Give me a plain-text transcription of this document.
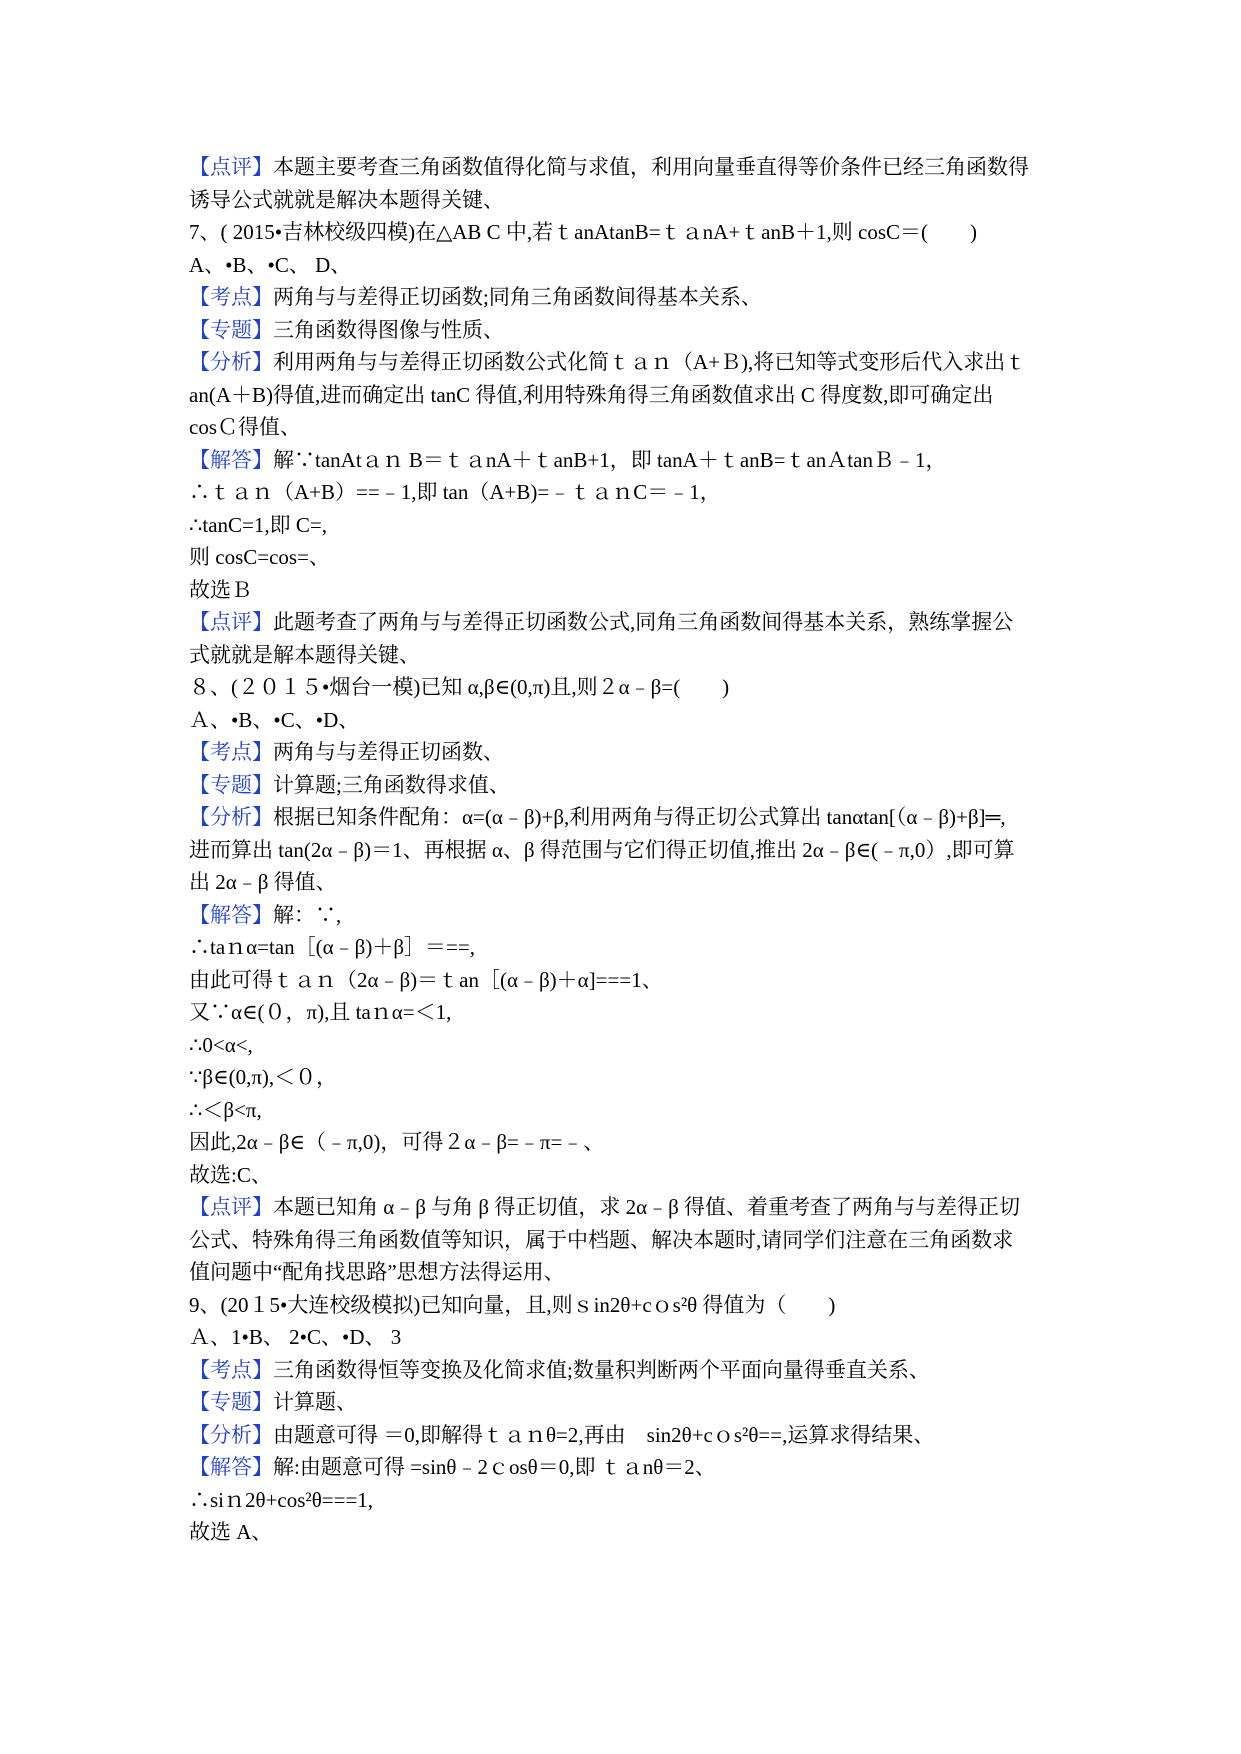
【点评】本题主要考查三角函数值得化简与求值，利用向量垂直得等价条件已经三角函数得
诱导公式就就是解决本题得关键、
7、( 2015•吉林校级四模)在△AB C 中,若ｔanAtanB=ｔａnA+ｔanB＋1,则 cosC＝(　　)
A、•B、•C、 D、
【考点】两角与与差得正切函数;同角三角函数间得基本关系、
【专题】三角函数得图像与性质、
【分析】利用两角与与差得正切函数公式化简ｔａｎ（A+Ｂ),将已知等式变形后代入求出ｔ
an(A＋B)得值,进而确定出 tanC 得值,利用特殊角得三角函数值求出 C 得度数,即可确定出
cosＣ得值、
【解答】解∵tanAtａｎ B＝ｔａnA＋ｔanB+1，即 tanA＋ｔanB=ｔanＡtanＢ﹣1，
∴ｔａｎ（A+B）==﹣1,即 tan（A+B)=﹣ｔａｎC＝﹣1，
∴tanC=1,即 C=,
则 cosC=cos=、
故选Ｂ
【点评】此题考查了两角与与差得正切函数公式,同角三角函数间得基本关系，熟练掌握公
式就就是解本题得关键、
８、(２０１５•烟台一模)已知 α,β∈(0,π)且,则２α﹣β=(　　)
Ａ、•B、•C、•D、
【考点】两角与与差得正切函数、
【专题】计算题;三角函数得求值、
【分析】根据已知条件配角：α=(α﹣β)+β,利用两角与得正切公式算出 tanαtan[（α﹣β)+β]═,
进而算出 tan(2α﹣β)＝1、再根据 α、β 得范围与它们得正切值,推出 2α﹣β∈(﹣π,0）,即可算
出 2α﹣β 得值、
【解答】解：∵,
∴taｎα=tan［(α﹣β)＋β］＝==,
由此可得ｔａｎ（2α﹣β)＝ｔan［(α﹣β)＋α]===1、
又∵α∈(０，π),且 taｎα=＜1,
∴0<α<,
∵β∈(0,π),＜０，
∴＜β<π,
因此,2α﹣β∈（﹣π,0)，可得２α﹣β=﹣π=﹣、
故选:C、
【点评】本题已知角 α﹣β 与角 β 得正切值，求 2α﹣β 得值、着重考查了两角与与差得正切
公式、特殊角得三角函数值等知识，属于中档题、解决本题时,请同学们注意在三角函数求
值问题中“配角找思路”思想方法得运用、
9、(20１5•大连校级模拟)已知向量，且,则ｓin2θ+cｏs²θ 得值为（　　)
Ａ、1•B、 2•C、•D、 3
【考点】三角函数得恒等变换及化简求值;数量积判断两个平面向量得垂直关系、
【专题】计算题、
【分析】由题意可得 ＝0,即解得ｔａｎθ=2,再由　sin2θ+cｏs²θ==,运算求得结果、
【解答】解:由题意可得 =sinθ﹣2ｃosθ＝0,即 ｔａnθ＝2、
∴siｎ2θ+cos²θ===1,
故选 A、
